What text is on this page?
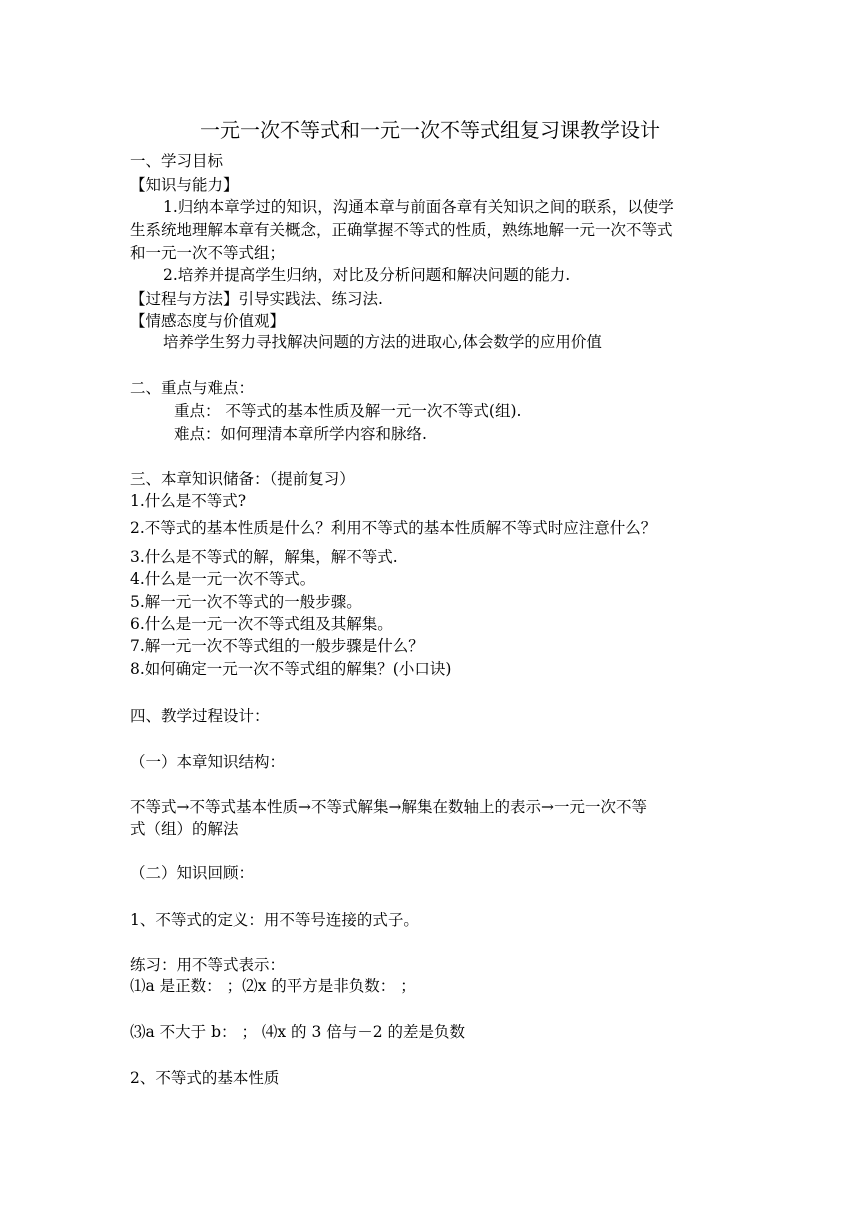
一元一次不等式和一元一次不等式组复习课教学设计
一、学习目标
【知识与能力】
1.归纳本章学过的知识，沟通本章与前面各章有关知识之间的联系，以使学
生系统地理解本章有关概念，正确掌握不等式的性质，熟练地解一元一次不等式
和一元一次不等式组；
2.培养并提高学生归纳，对比及分析问题和解决问题的能力.
【过程与方法】引导实践法、练习法.
【情感态度与价值观】
培养学生努力寻找解决问题的方法的进取心,体会数学的应用价值
二、重点与难点：
重点： 不等式的基本性质及解一元一次不等式(组).
难点：如何理清本章所学内容和脉络.
三、本章知识储备：（提前复习）
1.什么是不等式?
2.不等式的基本性质是什么？利用不等式的基本性质解不等式时应注意什么？
3.什么是不等式的解，解集，解不等式.
4.什么是一元一次不等式。
5.解一元一次不等式的一般步骤。
6.什么是一元一次不等式组及其解集。
7.解一元一次不等式组的一般步骤是什么？
8.如何确定一元一次不等式组的解集？(小口诀)
四、教学过程设计：
（一）本章知识结构：
不等式→不等式基本性质→不等式解集→解集在数轴上的表示→一元一次不等
式（组）的解法
（二）知识回顾：
1、不等式的定义：用不等号连接的式子。
练习：用不等式表示：
⑴a 是正数： ；⑵x 的平方是非负数： ；
⑶a 不大于 b： ； ⑷x 的 3 倍与－2 的差是负数
2、不等式的基本性质
